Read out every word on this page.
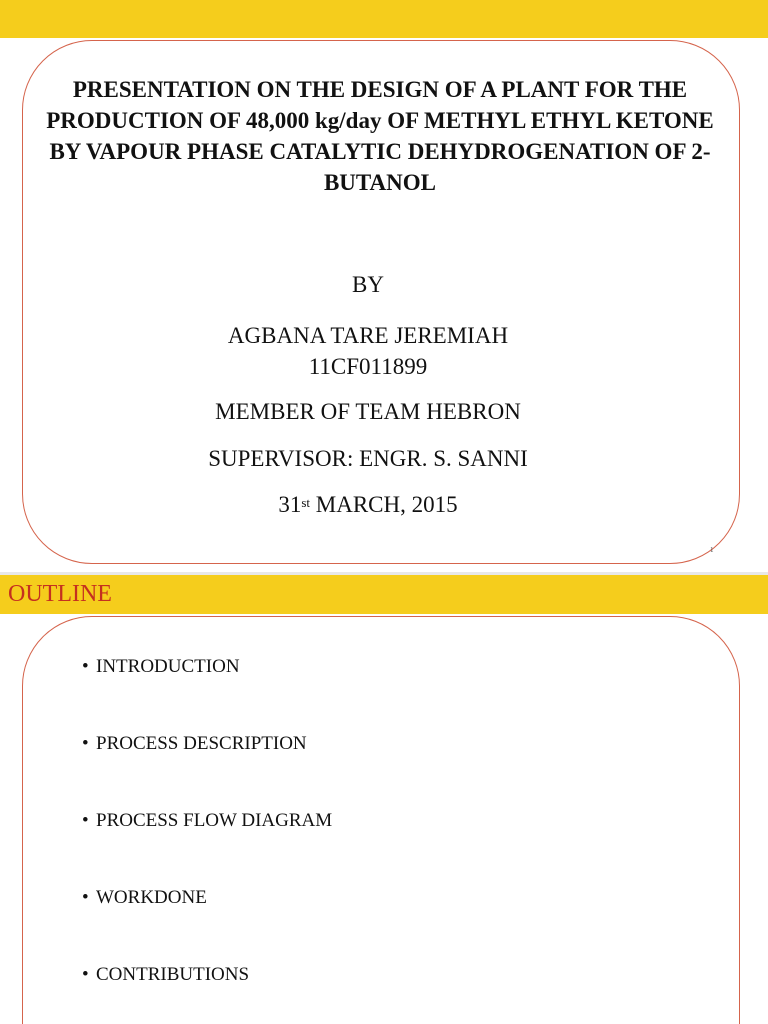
PRESENTATION ON THE DESIGN OF A PLANT FOR THE PRODUCTION OF 48,000 kg/day OF METHYL ETHYL KETONE BY VAPOUR PHASE CATALYTIC DEHYDROGENATION OF 2-BUTANOL
BY
AGBANA TARE JEREMIAH
11CF011899
MEMBER OF TEAM HEBRON
SUPERVISOR: ENGR. S. SANNI
31st MARCH, 2015
1
OUTLINE
• INTRODUCTION
• PROCESS DESCRIPTION
• PROCESS FLOW DIAGRAM
• WORKDONE
• CONTRIBUTIONS
